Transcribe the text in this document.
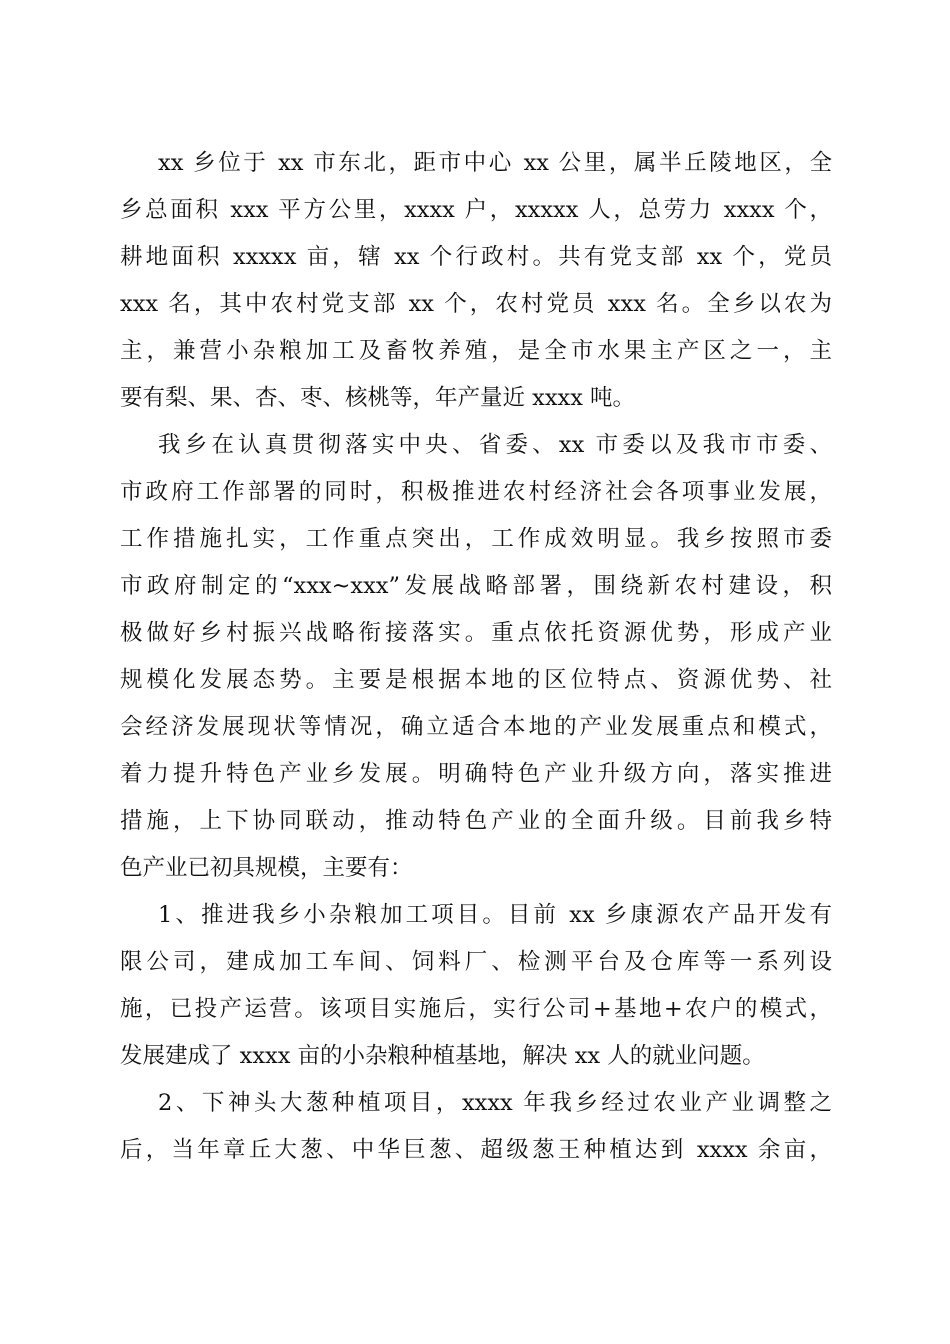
xx 乡位于 xx 市东北，距市中心 xx 公里，属半丘陵地区，全
乡总面积 xxx 平方公里，xxxx 户，xxxxx 人，总劳力 xxxx 个，
耕地面积 xxxxx 亩，辖 xx 个行政村。共有党支部 xx 个，党员
xxx 名，其中农村党支部 xx 个，农村党员 xxx 名。全乡以农为
主，兼营小杂粮加工及畜牧养殖，是全市水果主产区之一，主
要有梨、果、杏、枣、核桃等，年产量近 xxxx 吨。
我乡在认真贯彻落实中央、省委、xx 市委以及我市市委、
市政府工作部署的同时，积极推进农村经济社会各项事业发展，
工作措施扎实，工作重点突出，工作成效明显。我乡按照市委
市政府制定的“xxx~xxx”发展战略部署，围绕新农村建设，积
极做好乡村振兴战略衔接落实。重点依托资源优势，形成产业
规模化发展态势。主要是根据本地的区位特点、资源优势、社
会经济发展现状等情况，确立适合本地的产业发展重点和模式，
着力提升特色产业乡发展。明确特色产业升级方向，落实推进
措施，上下协同联动，推动特色产业的全面升级。目前我乡特
色产业已初具规模，主要有：
1、推进我乡小杂粮加工项目。目前 xx 乡康源农产品开发有
限公司，建成加工车间、饲料厂、检测平台及仓库等一系列设
施，已投产运营。该项目实施后，实行公司+基地+农户的模式，
发展建成了 xxxx 亩的小杂粮种植基地，解决 xx 人的就业问题。
2、下神头大葱种植项目，xxxx 年我乡经过农业产业调整之
后，当年章丘大葱、中华巨葱、超级葱王种植达到 xxxx 余亩，
